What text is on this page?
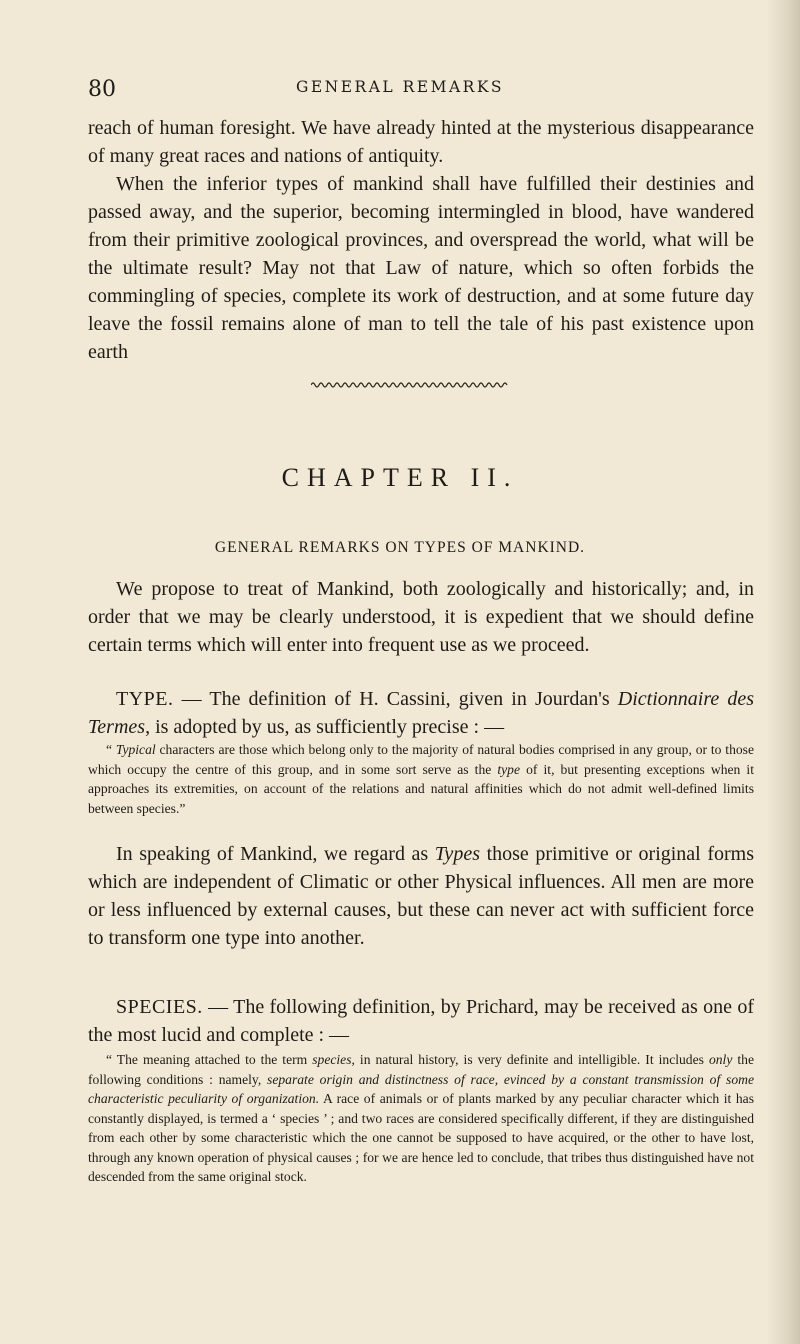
80	GENERAL REMARKS

reach of human foresight. We have already hinted at the mysterious disappearance of many great races and nations of antiquity.

When the inferior types of mankind shall have fulfilled their destinies and passed away, and the superior, becoming intermingled in blood, have wandered from their primitive zoological provinces, and overspread the world, what will be the ultimate result? May not that Law of nature, which so often forbids the commingling of species, complete its work of destruction, and at some future day leave the fossil remains alone of man to tell the tale of his past existence upon earth

CHAPTER II.
GENERAL REMARKS ON TYPES OF MANKIND.

We propose to treat of Mankind, both zoologically and historically; and, in order that we may be clearly understood, it is expedient that we should define certain terms which will enter into frequent use as we proceed.

TYPE. — The definition of H. Cassini, given in Jourdan's Dictionnaire des Termes, is adopted by us, as sufficiently precise : —

“ Typical characters are those which belong only to the majority of natural bodies comprised in any group, or to those which occupy the centre of this group, and in some sort serve as the type of it, but presenting exceptions when it approaches its extremities, on account of the relations and natural affinities which do not admit well-defined limits between species.”

In speaking of Mankind, we regard as Types those primitive or original forms which are independent of Climatic or other Physical influences. All men are more or less influenced by external causes, but these can never act with sufficient force to transform one type into another.

SPECIES. — The following definition, by Prichard, may be received as one of the most lucid and complete : —

“ The meaning attached to the term species, in natural history, is very definite and intelligible. It includes only the following conditions : namely, separate origin and distinctness of race, evinced by a constant transmission of some characteristic peculiarity of organization. A race of animals or of plants marked by any peculiar character which it has constantly displayed, is termed a ‘ species ’ ; and two races are considered specifically different, if they are distinguished from each other by some characteristic which the one cannot be supposed to have acquired, or the other to have lost, through any known operation of physical causes ; for we are hence led to conclude, that tribes thus distinguished have not descended from the same original stock.
